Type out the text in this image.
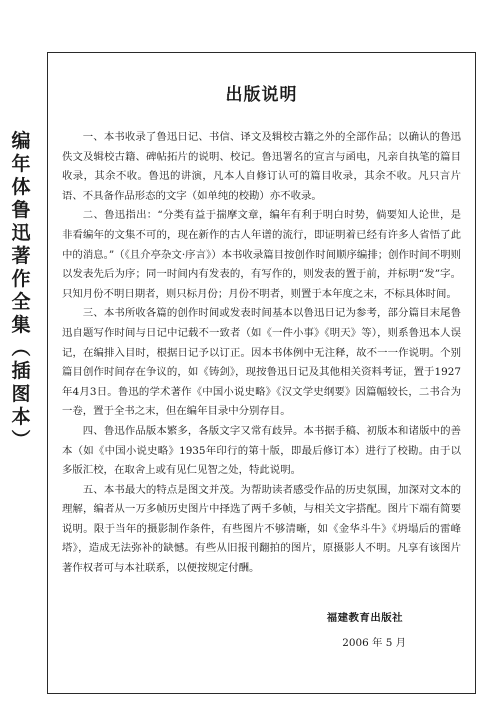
编
年
体
鲁
迅
著
作
全
集
︵
插
图
本
︶
出版说明

一、本书收录了鲁迅日记、书信、译文及辑校古籍之外的全部作品；以确认的鲁迅佚文及辑校古籍、碑帖拓片的说明、校记。鲁迅署名的宣言与函电，凡亲自执笔的篇目收录，其余不收。鲁迅的讲演，凡本人自修订认可的篇目收录，其余不收。凡只言片语、不具备作品形态的文字（如单纯的校勘）亦不收录。

二、鲁迅指出：“分类有益于揣摩文章，编年有利于明白时势，倘要知人论世，是非看编年的文集不可的，现在新作的古人年谱的流行，即证明着已经有许多人省悟了此中的消息。”（《且介亭杂文·序言》）本书收录篇目按创作时间顺序编排；创作时间不明则以发表先后为序；同一时间内有发表的，有写作的，则发表的置于前，并标明“发”字。只知月份不明日期者，则只标月份；月份不明者，则置于本年度之末，不标具体时间。

三、本书所收各篇的创作时间或发表时间基本以鲁迅日记为参考，部分篇目末尾鲁迅自题写作时间与日记中记载不一致者（如《一件小事》《明天》等），则系鲁迅本人误记，在编排入目时，根据日记予以订正。因本书体例中无注释，故不一一作说明。个别篇目创作时间存在争议的，如《铸剑》，现按鲁迅日记及其他相关资料考证，置于1927年4月3日。鲁迅的学术著作《中国小说史略》《汉文学史纲要》因篇幅较长，二书合为一卷，置于全书之末，但在编年目录中分别存目。

四、鲁迅作品版本繁多，各版文字又常有歧异。本书据手稿、初版本和诸版中的善本（如《中国小说史略》1935年印行的第十版，即最后修订本）进行了校勘。由于以多版汇校，在取舍上或有见仁见智之处，特此说明。

五、本书最大的特点是图文并茂。为帮助读者感受作品的历史氛围，加深对文本的理解，编者从一万多帧历史图片中择选了两千多帧，与相关文字搭配。图片下端有简要说明。限于当年的摄影制作条件，有些图片不够清晰，如《金华斗牛》《坍塌后的雷峰塔》，造成无法弥补的缺憾。有些从旧报刊翻拍的图片，原摄影人不明。凡享有该图片著作权者可与本社联系，以便按规定付酬。

福建教育出版社
2006 年 5 月
